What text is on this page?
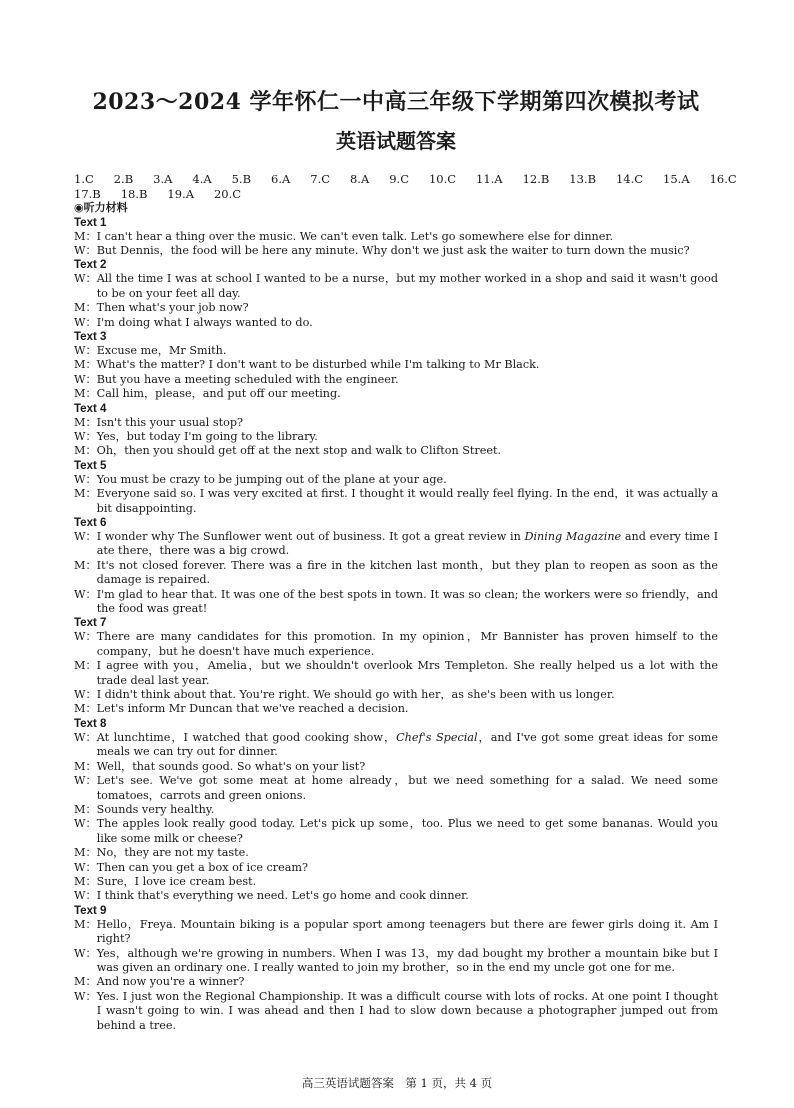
2023～2024 学年怀仁一中高三年级下学期第四次模拟考试
英语试题答案
1.C   2.B   3.A   4.A   5.B   6.A   7.C   8.A   9.C   10.C   11.A   12.B   13.B   14.C   15.A   16.C
17.B   18.B   19.A   20.C
◉听力材料
Text 1
M： I can't hear a thing over the music. We can't even talk. Let's go somewhere else for dinner.
W： But Dennis，the food will be here any minute. Why don't we just ask the waiter to turn down the music?
Text 2
W： All the time I was at school I wanted to be a nurse，but my mother worked in a shop and said it wasn't good to be on your feet all day.
M： Then what's your job now?
W： I'm doing what I always wanted to do.
Text 3
W： Excuse me，Mr Smith.
M： What's the matter? I don't want to be disturbed while I'm talking to Mr Black.
W： But you have a meeting scheduled with the engineer.
M： Call him，please，and put off our meeting.
Text 4
M： Isn't this your usual stop?
W： Yes，but today I'm going to the library.
M： Oh，then you should get off at the next stop and walk to Clifton Street.
Text 5
W： You must be crazy to be jumping out of the plane at your age.
M： Everyone said so. I was very excited at first. I thought it would really feel flying. In the end，it was actually a bit disappointing.
Text 6
W： I wonder why The Sunflower went out of business. It got a great review in Dining Magazine and every time I ate there，there was a big crowd.
M： It's not closed forever. There was a fire in the kitchen last month，but they plan to reopen as soon as the damage is repaired.
W： I'm glad to hear that. It was one of the best spots in town. It was so clean; the workers were so friendly，and the food was great!
Text 7
W： There are many candidates for this promotion. In my opinion，Mr Bannister has proven himself to the company，but he doesn't have much experience.
M： I agree with you，Amelia，but we shouldn't overlook Mrs Templeton. She really helped us a lot with the trade deal last year.
W： I didn't think about that. You're right. We should go with her，as she's been with us longer.
M： Let's inform Mr Duncan that we've reached a decision.
Text 8
W： At lunchtime，I watched that good cooking show，Chef's Special，and I've got some great ideas for some meals we can try out for dinner.
M： Well，that sounds good. So what's on your list?
W： Let's see. We've got some meat at home already，but we need something for a salad. We need some tomatoes，carrots and green onions.
M： Sounds very healthy.
W： The apples look really good today. Let's pick up some，too. Plus we need to get some bananas. Would you like some milk or cheese?
M： No，they are not my taste.
W： Then can you get a box of ice cream?
M： Sure，I love ice cream best.
W： I think that's everything we need. Let's go home and cook dinner.
Text 9
M： Hello，Freya. Mountain biking is a popular sport among teenagers but there are fewer girls doing it. Am I right?
W： Yes，although we're growing in numbers. When I was 13，my dad bought my brother a mountain bike but I was given an ordinary one. I really wanted to join my brother，so in the end my uncle got one for me.
M： And now you're a winner?
W： Yes. I just won the Regional Championship. It was a difficult course with lots of rocks. At one point I thought I wasn't going to win. I was ahead and then I had to slow down because a photographer jumped out from behind a tree.
高三英语试题答案　第 1 页，共 4 页
